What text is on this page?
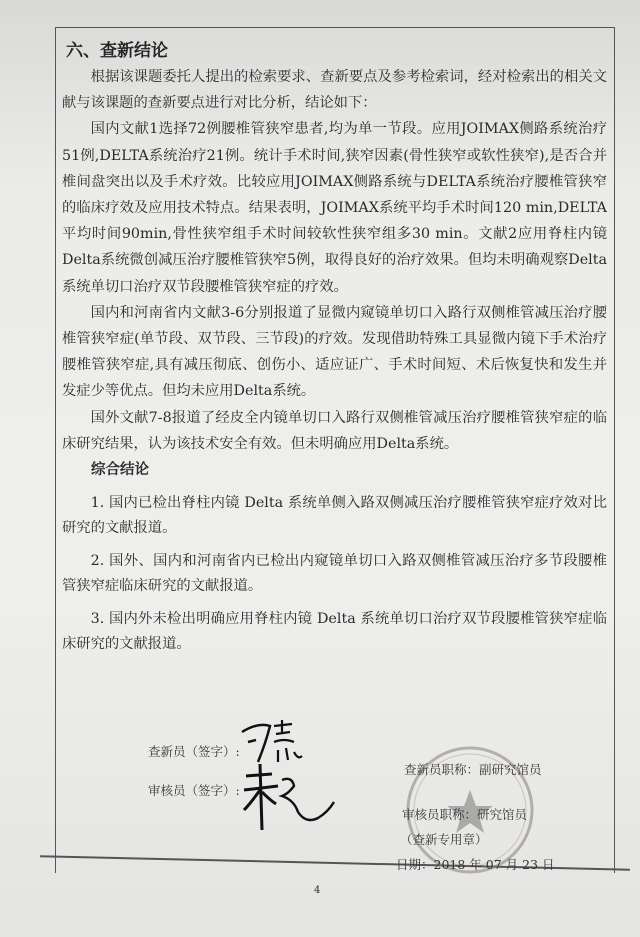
六、查新结论

根据该课题委托人提出的检索要求、查新要点及参考检索词，经对检索出的相关文献与该课题的查新要点进行对比分析，结论如下：

国内文献1选择72例腰椎管狭窄患者,均为单一节段。应用JOIMAX侧路系统治疗51例,DELTA系统治疗21例。统计手术时间,狭窄因素(骨性狭窄或软性狭窄),是否合并椎间盘突出以及手术疗效。比较应用JOIMAX侧路系统与DELTA系统治疗腰椎管狭窄的临床疗效及应用技术特点。结果表明，JOIMAX系统平均手术时间120 min,DELTA平均时间90min,骨性狭窄组手术时间较软性狭窄组多30 min。文献2应用脊柱内镜Delta系统微创减压治疗腰椎管狭窄5例，取得良好的治疗效果。但均未明确观察Delta系统单切口治疗双节段腰椎管狭窄症的疗效。

国内和河南省内文献3-6分别报道了显微内窥镜单切口入路行双侧椎管减压治疗腰椎管狭窄症(单节段、双节段、三节段)的疗效。发现借助特殊工具显微内镜下手术治疗腰椎管狭窄症,具有减压彻底、创伤小、适应证广、手术时间短、术后恢复快和发生并发症少等优点。但均未应用Delta系统。

国外文献7-8报道了经皮全内镜单切口入路行双侧椎管减压治疗腰椎管狭窄症的临床研究结果，认为该技术安全有效。但未明确应用Delta系统。

综合结论

1. 国内已检出脊柱内镜 Delta 系统单侧入路双侧减压治疗腰椎管狭窄症疗效对比研究的文献报道。

2. 国外、国内和河南省内已检出内窥镜单切口入路双侧椎管减压治疗多节段腰椎管狭窄症临床研究的文献报道。

3. 国内外未检出明确应用脊柱内镜 Delta 系统单切口治疗双节段腰椎管狭窄症临床研究的文献报道。

查新员（签字）:
审核员（签字）:
查新员职称：副研究馆员
审核员职称：研究馆员
（查新专用章）
日期：2018 年 07 月 23 日
4
